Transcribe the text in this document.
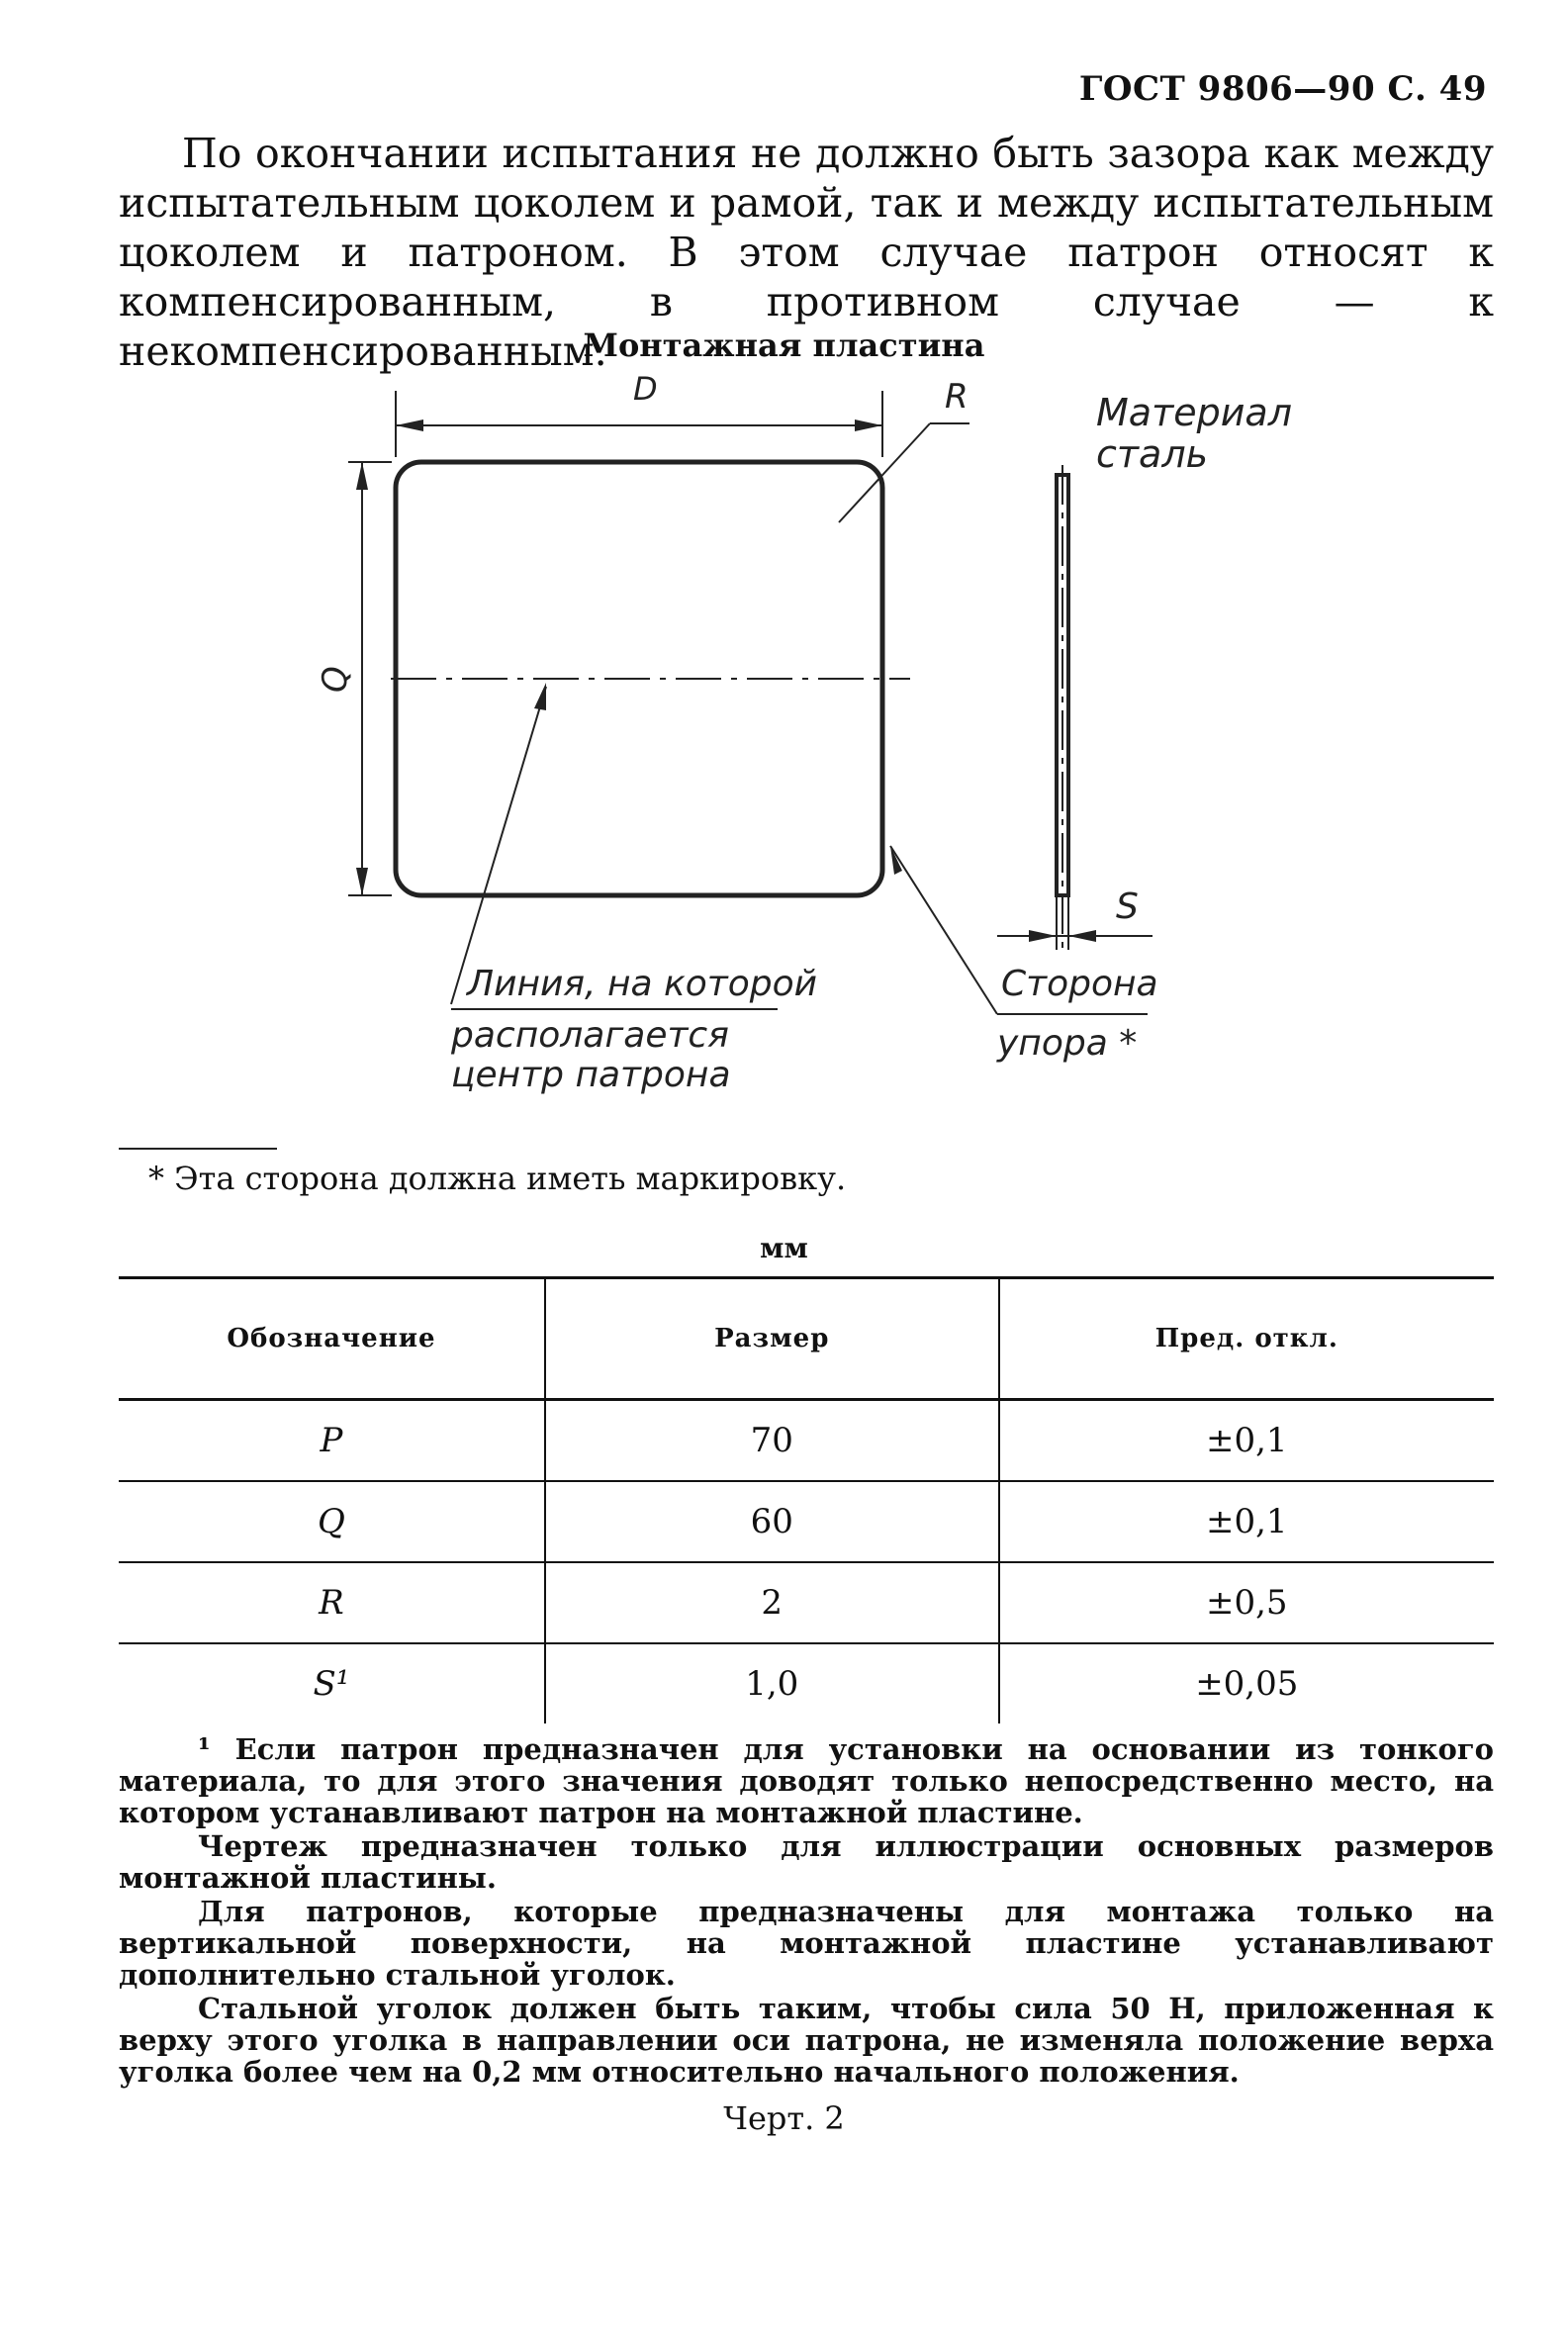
ГОСТ 9806—90 С. 49

По окончании испытания не должно быть зазора как между испытательным цоколем и рамой, так и между испытательным цоколем и патроном. В этом случае патрон относят к компенсированным, в противном случае — к некомпенсированным.

Монтажная пластина
D	R
Q
S
Материал
сталь
Линия, на которой
располагается
центр патрона
Сторона
упора *
* Эта сторона должна иметь маркировку.
мм
Обозначение	Размер	Пред. откл.
P	70	±0,1
Q	60	±0,1
R	2	±0,5
S¹	1,0	±0,05

¹ Если патрон предназначен для установки на основании из тонкого материала, то для этого значения доводят только непосредственно место, на котором устанавливают патрон на монтажной пластине.

Чертеж предназначен только для иллюстрации основных размеров монтажной пластины.

Для патронов, которые предназначены для монтажа только на вертикальной поверхности, на монтажной пластине устанавливают дополнительно стальной уголок.

Стальной уголок должен быть таким, чтобы сила 50 Н, приложенная к верху этого уголка в направлении оси патрона, не изменяла положение верха уголка более чем на 0,2 мм относительно начального положения.

Черт. 2
